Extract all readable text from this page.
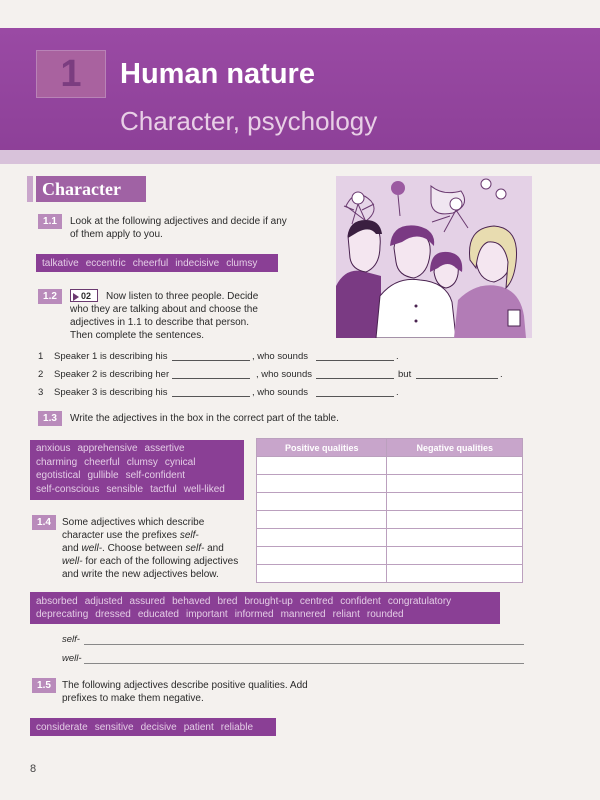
1	Human nature
Character, psychology
Character
1.1	Look at the following adjectives and decide if any
of them apply to you.
talkative eccentric cheerful indecisive clumsy
1.2	02	Now listen to three people. Decide
who they are talking about and choose the
adjectives in 1.1 to describe that person.
Then complete the sentences.
1 Speaker 1 is describing his	, who sounds	.
2 Speaker 2 is describing her	, who sounds	but	.
3 Speaker 3 is describing his	, who sounds	.
1.3	Write the adjectives in the box in the correct part of the table.
anxious apprehensive assertive
charming cheerful clumsy cynical
egotistical gullible self-confident
self-conscious sensible tactful well-liked
Positive qualities	Negative qualities

1.4	Some adjectives which describe
character use the prefixes self-
and well-. Choose between self- and
well- for each of the following adjectives
and write the new adjectives below.
absorbed adjusted assured behaved bred brought-up centred confident congratulatory
deprecating dressed educated important informed mannered reliant rounded
self-
well-
1.5	The following adjectives describe positive qualities. Add
prefixes to make them negative.
considerate sensitive decisive patient reliable
8
